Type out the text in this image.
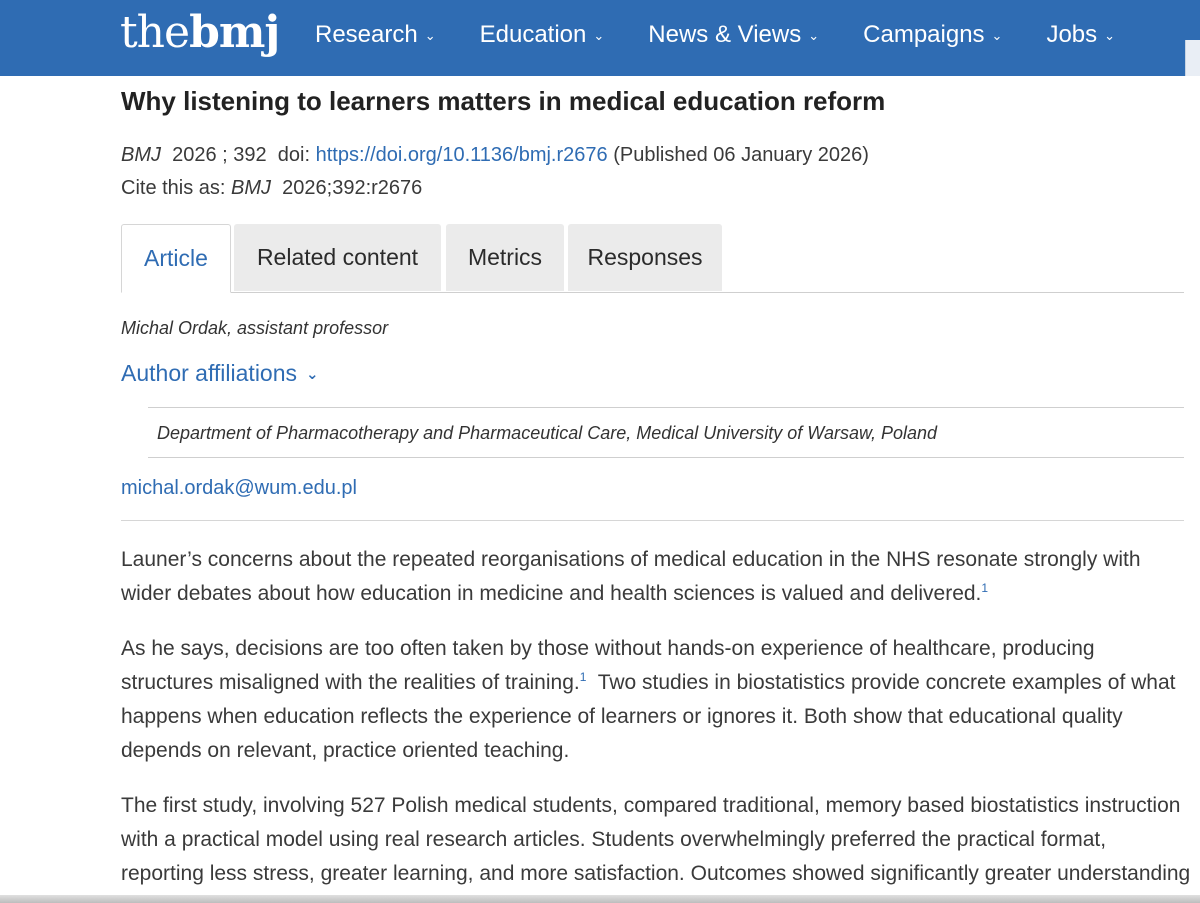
thebmj Research ⌄ Education ⌄ News & Views ⌄ Campaigns ⌄ Jobs ⌄
Why listening to learners matters in medical education reform
BMJ 2026 ; 392 doi: https://doi.org/10.1136/bmj.r2676 (Published 06 January 2026)
Cite this as: BMJ 2026;392:r2676
Article	Related content	Metrics	Responses
Michal Ordak, assistant professor
Author affiliations ⌄
Department of Pharmacotherapy and Pharmaceutical Care, Medical University of Warsaw, Poland
michal.ordak@wum.edu.pl

Launer’s concerns about the repeated reorganisations of medical education in the NHS resonate strongly with wider debates about how education in medicine and health sciences is valued and delivered.$^1$

As he says, decisions are too often taken by those without hands-on experience of healthcare, producing structures misaligned with the realities of training.$^1$  Two studies in biostatistics provide concrete examples of what happens when education reflects the experience of learners or ignores it. Both show that educational quality depends on relevant, practice oriented teaching.

The first study, involving 527 Polish medical students, compared traditional, memory based biostatistics instruction with a practical model using real research articles. Students overwhelmingly preferred the practical format, reporting less stress, greater learning, and more satisfaction. Outcomes showed significantly greater understanding
